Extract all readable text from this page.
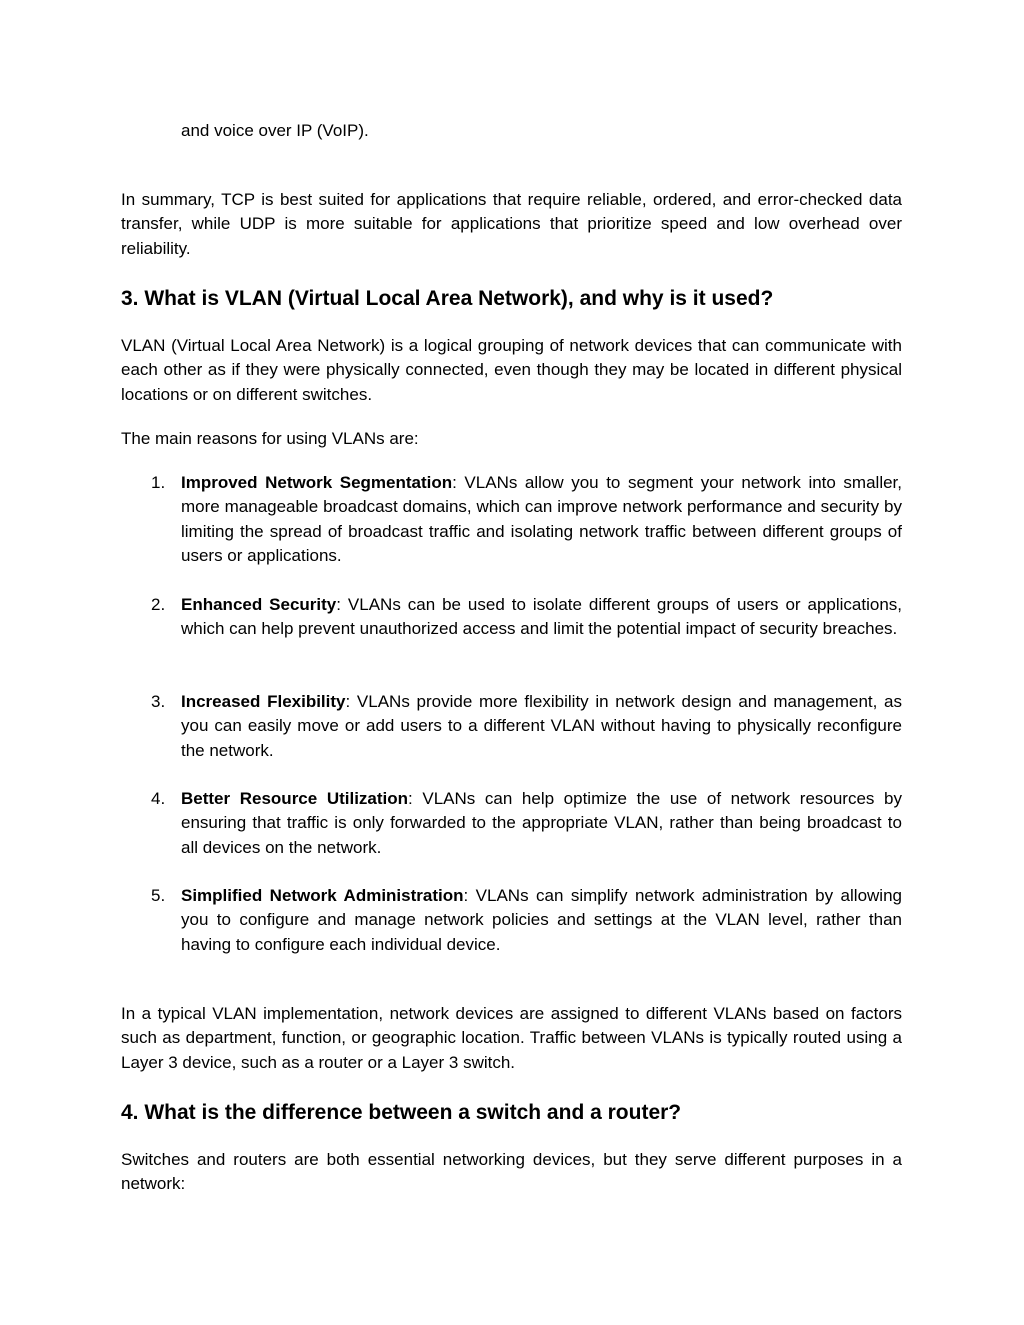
and voice over IP (VoIP).

In summary, TCP is best suited for applications that require reliable, ordered, and error-checked data transfer, while UDP is more suitable for applications that prioritize speed and low overhead over reliability.

3. What is VLAN (Virtual Local Area Network), and why is it used?

VLAN (Virtual Local Area Network) is a logical grouping of network devices that can communicate with each other as if they were physically connected, even though they may be located in different physical locations or on different switches.

The main reasons for using VLANs are:

1. Improved Network Segmentation: VLANs allow you to segment your network into smaller, more manageable broadcast domains, which can improve network performance and security by limiting the spread of broadcast traffic and isolating network traffic between different groups of users or applications.
2. Enhanced Security: VLANs can be used to isolate different groups of users or applications, which can help prevent unauthorized access and limit the potential impact of security breaches.
3. Increased Flexibility: VLANs provide more flexibility in network design and management, as you can easily move or add users to a different VLAN without having to physically reconfigure the network.
4. Better Resource Utilization: VLANs can help optimize the use of network resources by ensuring that traffic is only forwarded to the appropriate VLAN, rather than being broadcast to all devices on the network.
5. Simplified Network Administration: VLANs can simplify network administration by allowing you to configure and manage network policies and settings at the VLAN level, rather than having to configure each individual device.

In a typical VLAN implementation, network devices are assigned to different VLANs based on factors such as department, function, or geographic location. Traffic between VLANs is typically routed using a Layer 3 device, such as a router or a Layer 3 switch.

4. What is the difference between a switch and a router?

Switches and routers are both essential networking devices, but they serve different purposes in a network:
